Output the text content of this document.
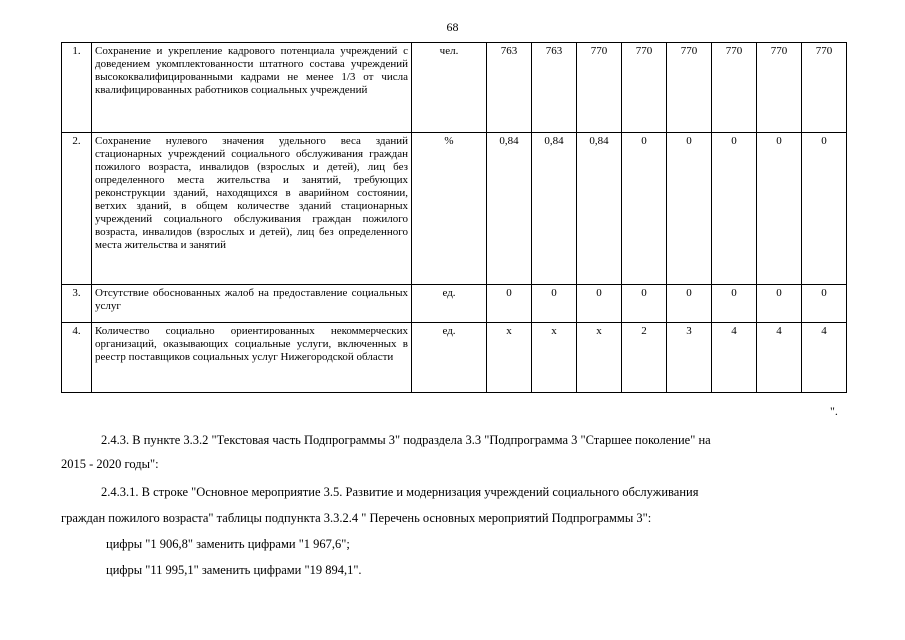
68
1.	Сохранение и укрепление кадрового потенциала учреждений с доведением укомплектованности штатного состава учреждений высококвалифицированными кадрами не менее 1/3 от числа квалифицированных работников социальных учреждений	чел.	763	763	770	770	770	770	770	770
2.	Сохранение нулевого значения удельного веса зданий стационарных учреждений социального обслуживания граждан пожилого возраста, инвалидов (взрослых и детей), лиц без определенного места жительства и занятий, требующих реконструкции зданий, находящихся в аварийном состоянии, ветхих зданий, в общем количестве зданий стационарных учреждений социального обслуживания граждан пожилого возраста, инвалидов (взрослых и детей), лиц без определенного места жительства и занятий	%	0,84	0,84	0,84	0	0	0	0	0
3.	Отсутствие обоснованных жалоб на предоставление социальных услуг	ед.	0	0	0	0	0	0	0	0
4.	Количество социально ориентированных некоммерческих организаций, оказывающих социальные услуги, включенных в реестр поставщиков социальных услуг Нижегородской области	ед.	x	x	x	2	3	4	4	4
".
2.4.3. В пункте 3.3.2 "Текстовая часть Подпрограммы 3" подраздела 3.3 "Подпрограмма 3 "Старшее поколение" на
2015 - 2020 годы":
2.4.3.1. В строке "Основное мероприятие 3.5. Развитие и модернизация учреждений социального обслуживания
граждан пожилого возраста" таблицы подпункта 3.3.2.4 " Перечень основных мероприятий Подпрограммы 3":
цифры "1 906,8" заменить цифрами "1 967,6";
цифры "11 995,1" заменить цифрами "19 894,1".
